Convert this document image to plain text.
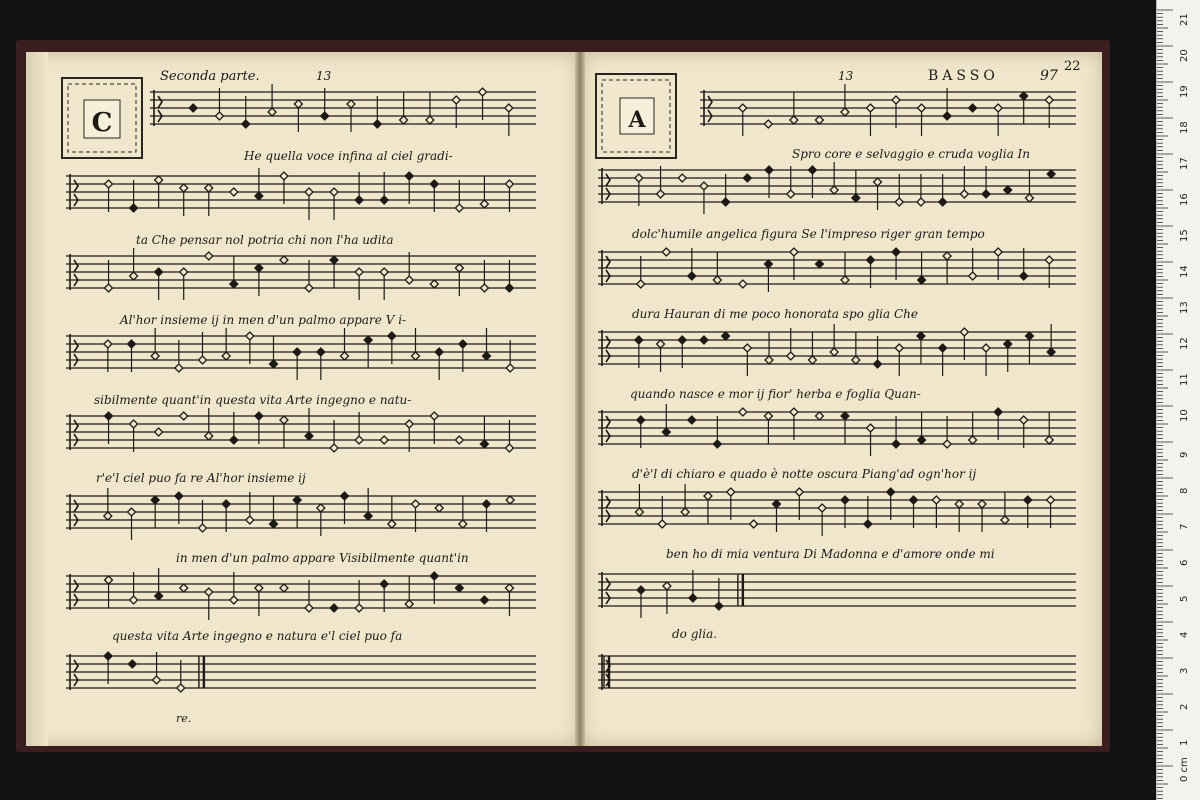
Seconda parte.	13
C
13	BASSO	97
22
A
He quella voce infina al ciel gradi-
ta Che pensar nol potria chi non l'ha udita
Al'hor insieme ij in men d'un palmo appare V i-
sibilmente quant'in questa vita Arte ingegno e natu-
r'e'l ciel puo fa re Al'hor insieme ij
in men d'un palmo appare Visibilmente quant'in
questa vita Arte ingegno e natura e'l ciel puo fa
re.
Spro core e selvaggio e cruda voglia In
dolc'humile angelica figura Se l'impreso riger gran tempo
dura Hauran di me poco honorata spo glia Che
quando nasce e mor ij fior' herba e foglia Quan-
d'è'l di chiaro e quado è notte oscura Piang'ad ogn'hor ij
ben ho di mia ventura Di Madonna e d'amore onde mi
do glia.
0 cm
1
2
3
4
5
6
7
8
9
10
11
12
13
14
15
16
17
18
19
20
21
